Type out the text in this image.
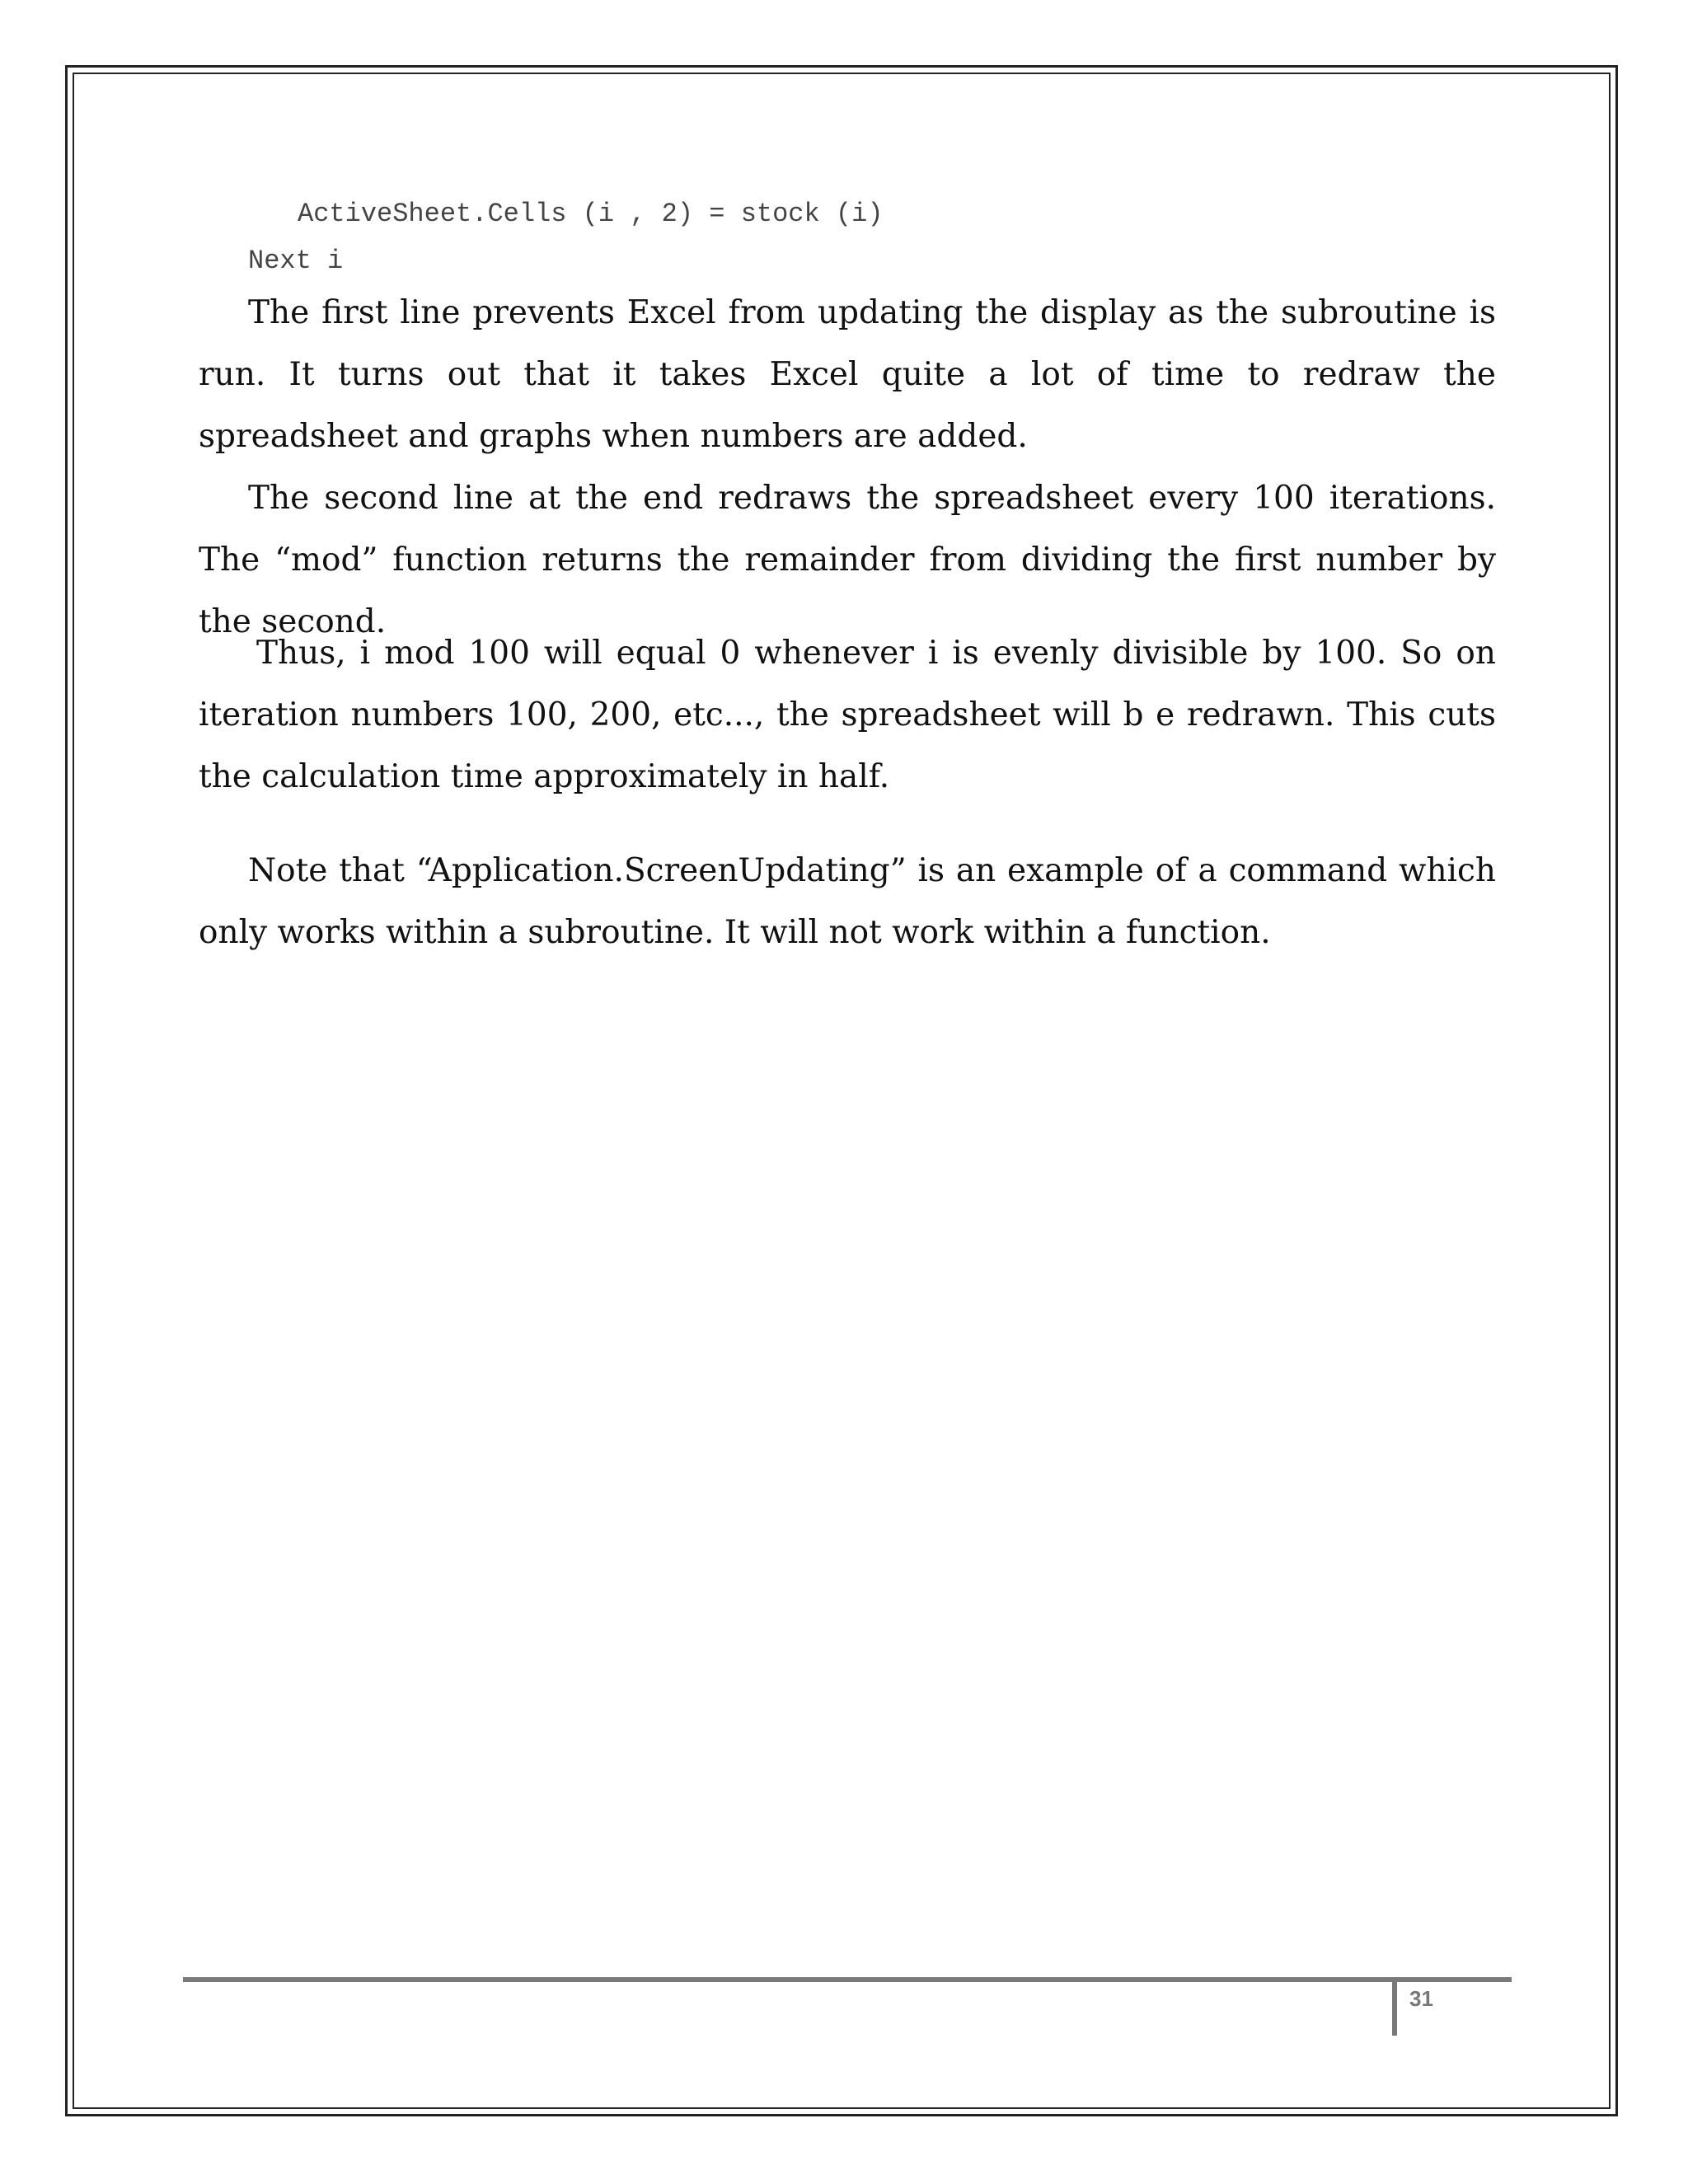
ActiveSheet.Cells (i , 2) = stock (i)
Next i

The first line prevents Excel from updating the display as the subroutine is run. It turns out that it takes Excel quite a lot of time to redraw the spreadsheet and graphs when numbers are added.

The second line at the end redraws the spreadsheet every 100 iterations. The “mod” function returns the remainder from dividing the first number by the second.

Thus, i mod 100 will equal 0 whenever i is evenly divisible by 100. So on iteration numbers 100, 200, etc..., the spreadsheet will b e redrawn. This cuts the calculation time approximately in half.

Note that “Application.ScreenUpdating” is an example of a command which only works within a subroutine. It will not work within a function.

31
